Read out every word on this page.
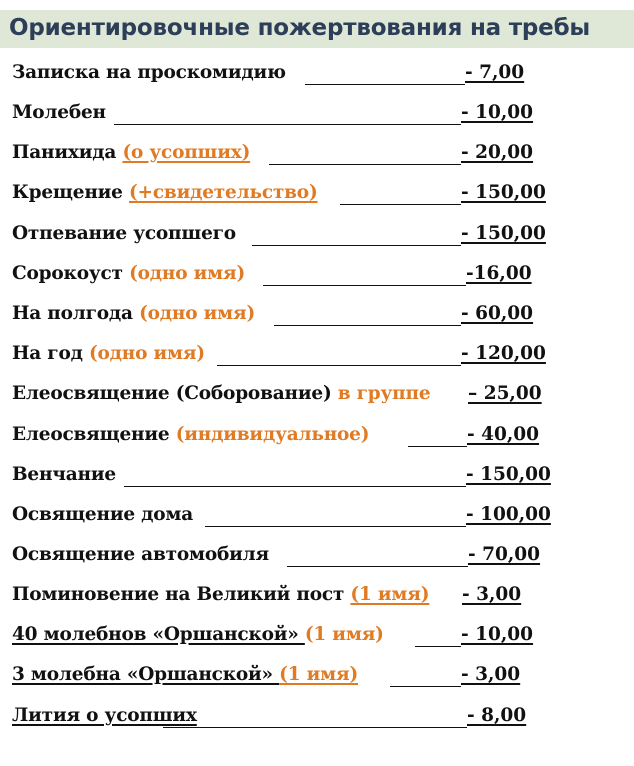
Ориентировочные пожертвования на требы
Записка на проскомидию	- 7,00
Молебен	- 10,00
Панихида (о усопших)	- 20,00
Крещение (+свидетельство)	- 150,00
Отпевание усопшего	- 150,00
Сорокоуст (одно имя)	-16,00
На полгода (одно имя)	- 60,00
На год (одно имя)	- 120,00
Елеосвящение (Соборование) в группе – 25,00
Елеосвящение (индивидуальное)	- 40,00
Венчание	- 150,00
Освящение дома	- 100,00
Освящение автомобиля	- 70,00
Поминовение на Великий пост (1 имя) - 3,00
40 молебнов «Оршанской» (1 имя)	- 10,00
3 молебна «Оршанской» (1 имя)	- 3,00
Лития о усопших	- 8,00
